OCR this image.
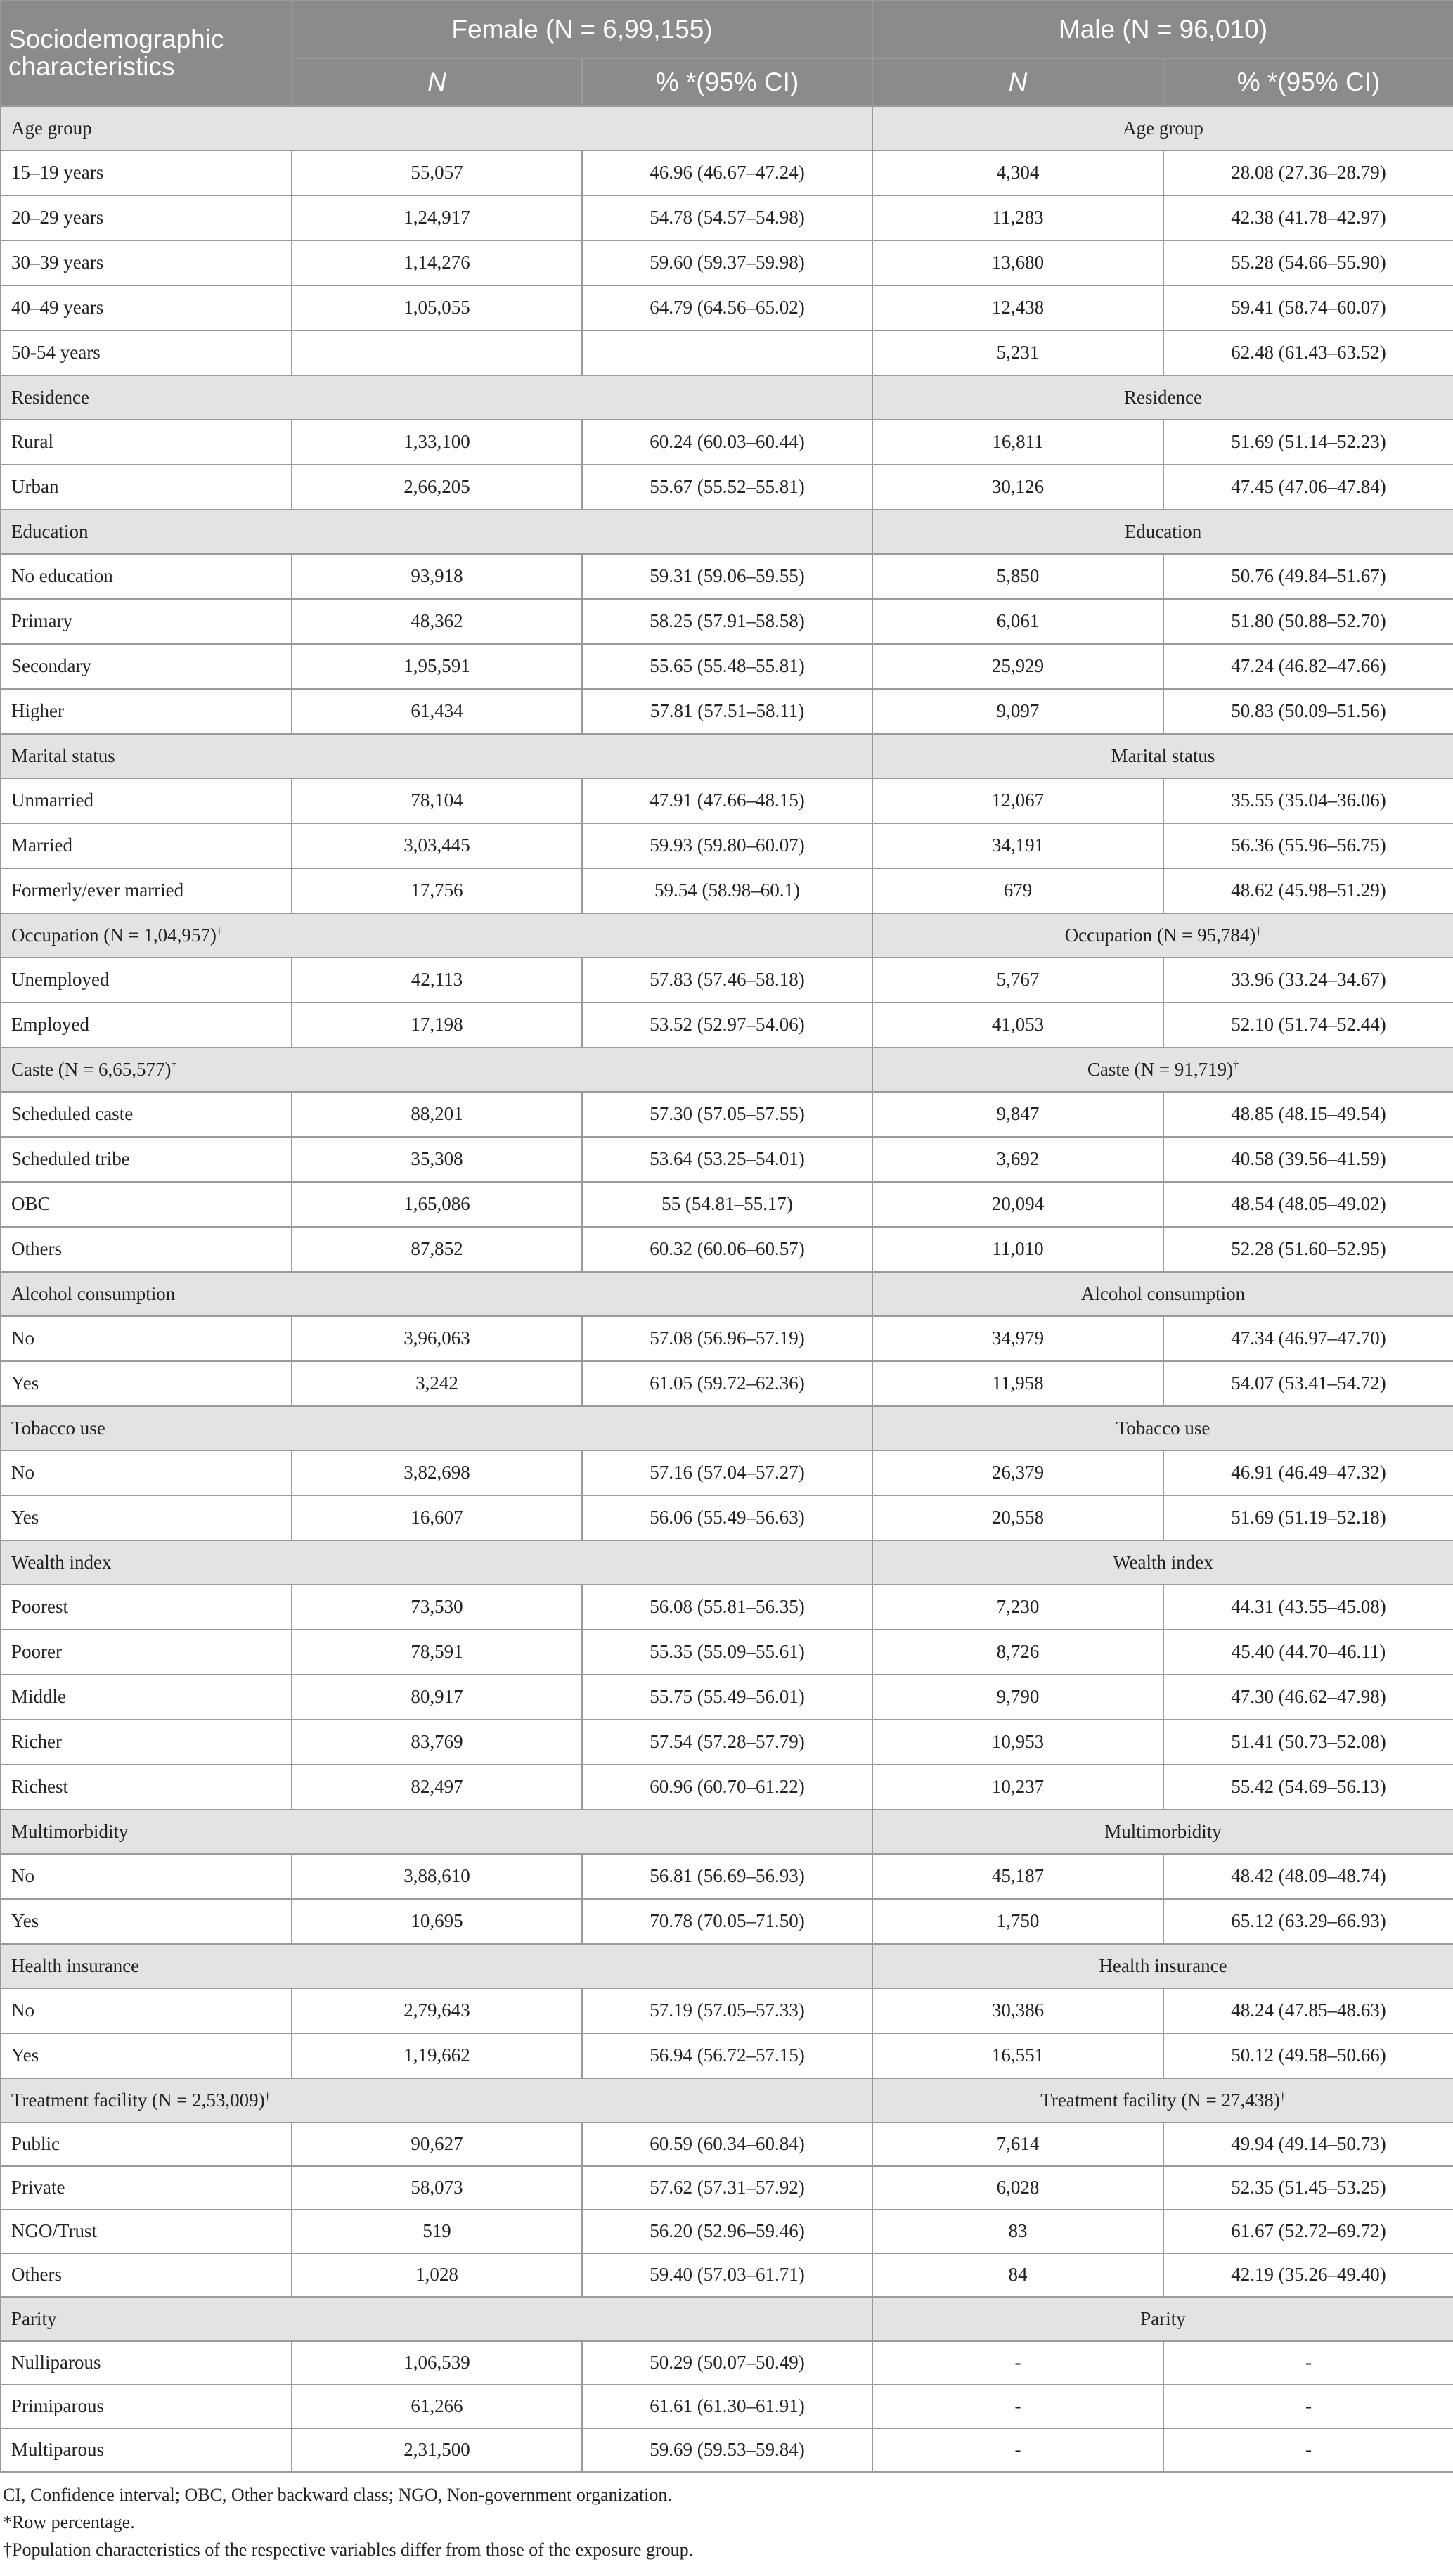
Sociodemographic characteristics	Female (N = 6,99,155)		Male (N = 96,010)	
	N	% *(95% CI)	N	% *(95% CI)
Age group			Age group	
15–19 years	55,057	46.96 (46.67–47.24)	4,304	28.08 (27.36–28.79)
20–29 years	1,24,917	54.78 (54.57–54.98)	11,283	42.38 (41.78–42.97)
30–39 years	1,14,276	59.60 (59.37–59.98)	13,680	55.28 (54.66–55.90)
40–49 years	1,05,055	64.79 (64.56–65.02)	12,438	59.41 (58.74–60.07)
50-54 years			5,231	62.48 (61.43–63.52)
Residence			Residence	
Rural	1,33,100	60.24 (60.03–60.44)	16,811	51.69 (51.14–52.23)
Urban	2,66,205	55.67 (55.52–55.81)	30,126	47.45 (47.06–47.84)
Education			Education	
No education	93,918	59.31 (59.06–59.55)	5,850	50.76 (49.84–51.67)
Primary	48,362	58.25 (57.91–58.58)	6,061	51.80 (50.88–52.70)
Secondary	1,95,591	55.65 (55.48–55.81)	25,929	47.24 (46.82–47.66)
Higher	61,434	57.81 (57.51–58.11)	9,097	50.83 (50.09–51.56)
Marital status			Marital status	
Unmarried	78,104	47.91 (47.66–48.15)	12,067	35.55 (35.04–36.06)
Married	3,03,445	59.93 (59.80–60.07)	34,191	56.36 (55.96–56.75)
Formerly/ever married	17,756	59.54 (58.98–60.1)	679	48.62 (45.98–51.29)
Occupation (N = 1,04,957)†			Occupation (N = 95,784)†
Unemployed	42,113	57.83 (57.46–58.18)	5,767	33.96 (33.24–34.67)
Employed	17,198	53.52 (52.97–54.06)	41,053	52.10 (51.74–52.44)
Caste (N = 6,65,577)†			Caste (N = 91,719)†
Scheduled caste	88,201	57.30 (57.05–57.55)	9,847	48.85 (48.15–49.54)
Scheduled tribe	35,308	53.64 (53.25–54.01)	3,692	40.58 (39.56–41.59)
OBC	1,65,086	55 (54.81–55.17)	20,094	48.54 (48.05–49.02)
Others	87,852	60.32 (60.06–60.57)	11,010	52.28 (51.60–52.95)
Alcohol consumption			Alcohol consumption	
No	3,96,063	57.08 (56.96–57.19)	34,979	47.34 (46.97–47.70)
Yes	3,242	61.05 (59.72–62.36)	11,958	54.07 (53.41–54.72)
Tobacco use			Tobacco use	
No	3,82,698	57.16 (57.04–57.27)	26,379	46.91 (46.49–47.32)
Yes	16,607	56.06 (55.49–56.63)	20,558	51.69 (51.19–52.18)
Wealth index			Wealth index	
Poorest	73,530	56.08 (55.81–56.35)	7,230	44.31 (43.55–45.08)
Poorer	78,591	55.35 (55.09–55.61)	8,726	45.40 (44.70–46.11)
Middle	80,917	55.75 (55.49–56.01)	9,790	47.30 (46.62–47.98)
Richer	83,769	57.54 (57.28–57.79)	10,953	51.41 (50.73–52.08)
Richest	82,497	60.96 (60.70–61.22)	10,237	55.42 (54.69–56.13)
Multimorbidity			Multimorbidity	
No	3,88,610	56.81 (56.69–56.93)	45,187	48.42 (48.09–48.74)
Yes	10,695	70.78 (70.05–71.50)	1,750	65.12 (63.29–66.93)
Health insurance			Health insurance	
No	2,79,643	57.19 (57.05–57.33)	30,386	48.24 (47.85–48.63)
Yes	1,19,662	56.94 (56.72–57.15)	16,551	50.12 (49.58–50.66)
Treatment facility (N = 2,53,009)†			Treatment facility (N = 27,438)†
Public	90,627	60.59 (60.34–60.84)	7,614	49.94 (49.14–50.73)
Private	58,073	57.62 (57.31–57.92)	6,028	52.35 (51.45–53.25)
NGO/Trust	519	56.20 (52.96–59.46)	83	61.67 (52.72–69.72)
Others	1,028	59.40 (57.03–61.71)	84	42.19 (35.26–49.40)
Parity			Parity	
Nulliparous	1,06,539	50.29 (50.07–50.49)	-	-
Primiparous	61,266	61.61 (61.30–61.91)	-	-
Multiparous	2,31,500	59.69 (59.53–59.84)	-	-

CI, Confidence interval; OBC, Other backward class; NGO, Non-government organization.

*Row percentage.

†Population characteristics of the respective variables differ from those of the exposure group.
